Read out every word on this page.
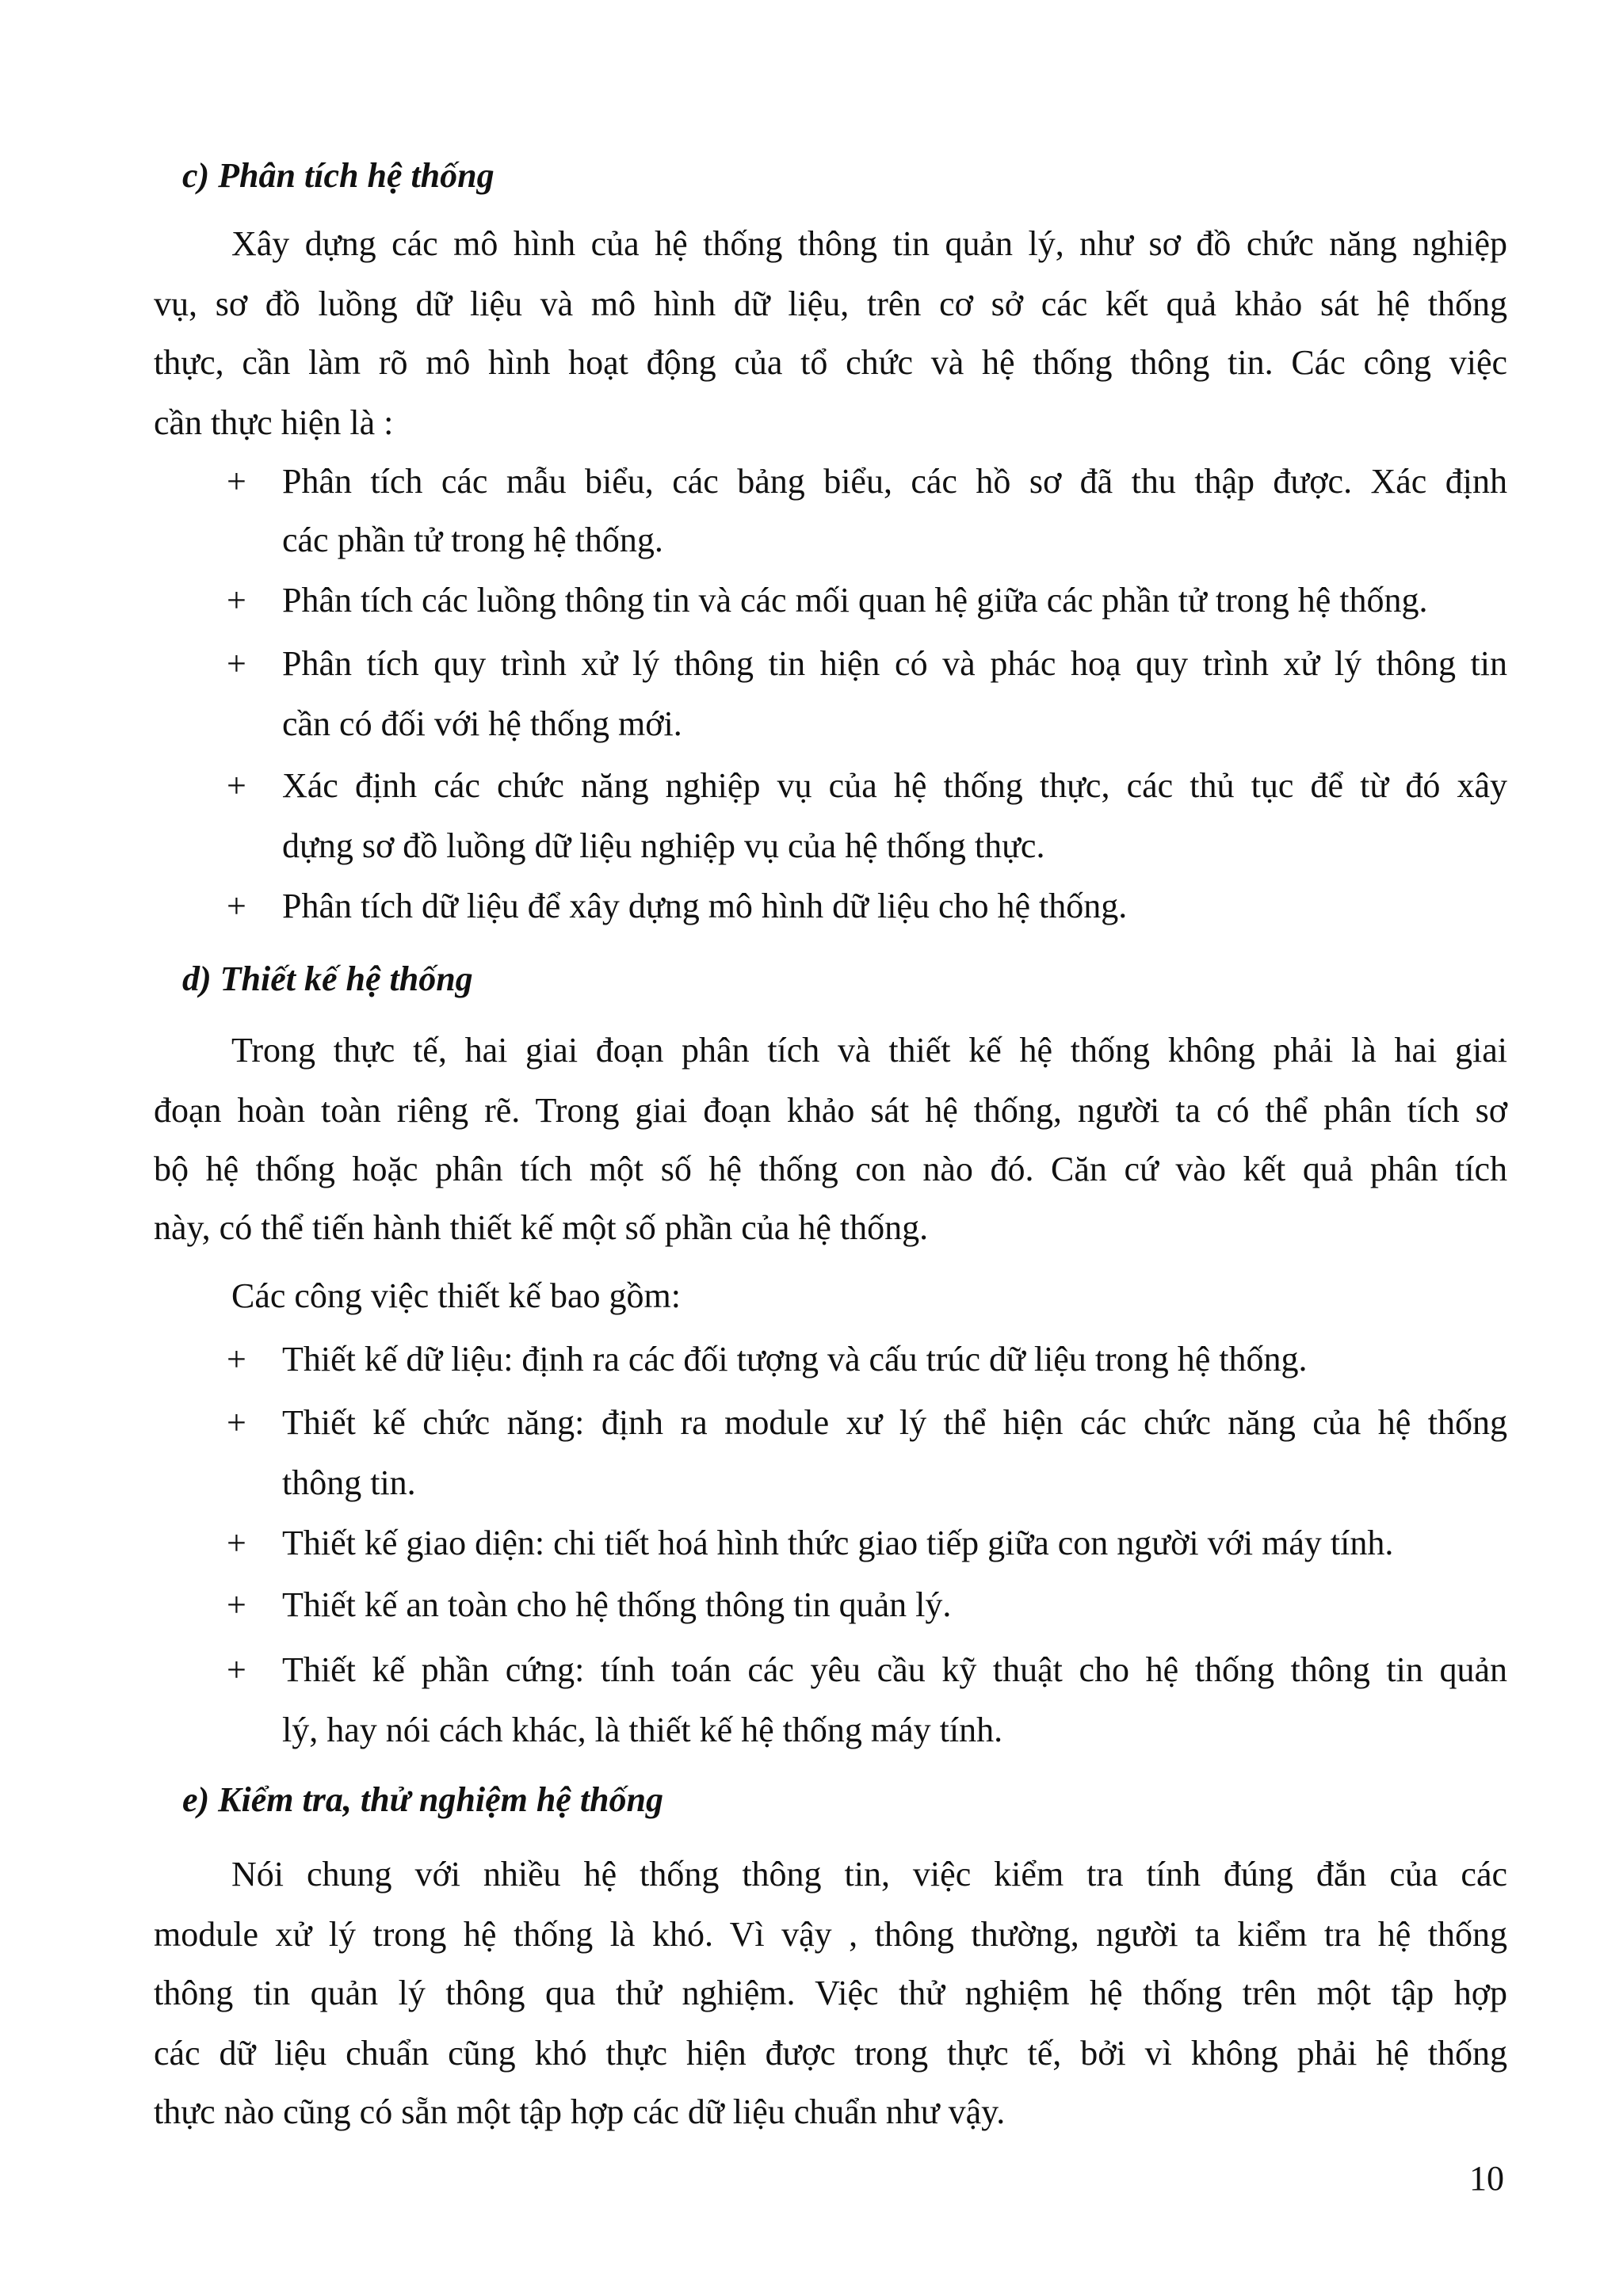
c) Phân tích hệ thống
Xây dựng các mô hình của hệ thống thông tin quản lý, như sơ đồ chức năng nghiệp
vụ, sơ đồ luồng dữ liệu và mô hình dữ liệu, trên cơ sở các kết quả khảo sát hệ thống
thực, cần làm rõ mô hình hoạt động của tổ chức và hệ thống thông tin. Các công việc
cần thực hiện là :
+ Phân tích các mẫu biểu, các bảng biểu, các hồ sơ đã thu thập được. Xác định
các phần tử trong hệ thống.
+ Phân tích các luồng thông tin và các mối quan hệ giữa các phần tử trong hệ thống.
+ Phân tích quy trình xử lý thông tin hiện có và phác hoạ quy trình xử lý thông tin
cần có đối với hệ thống mới.
+ Xác định các chức năng nghiệp vụ của hệ thống thực, các thủ tục để từ đó xây
dựng sơ đồ luồng dữ liệu nghiệp vụ của hệ thống thực.
+ Phân tích dữ liệu để xây dựng mô hình dữ liệu cho hệ thống.
d) Thiết kế hệ thống
Trong thực tế, hai giai đoạn phân tích và thiết kế hệ thống không phải là hai giai
đoạn hoàn toàn riêng rẽ. Trong giai đoạn khảo sát hệ thống, người ta có thể phân tích sơ
bộ hệ thống hoặc phân tích một số hệ thống con nào đó. Căn cứ vào kết quả phân tích
này, có thể tiến hành thiết kế một số phần của hệ thống.
Các công việc thiết kế bao gồm:
+ Thiết kế dữ liệu: định ra các đối tượng và cấu trúc dữ liệu trong hệ thống.
+ Thiết kế chức năng: định ra module xư lý thể hiện các chức năng của hệ thống
thông tin.
+ Thiết kế giao diện: chi tiết hoá hình thức giao tiếp giữa con người với máy tính.
+ Thiết kế an toàn cho hệ thống thông tin quản lý.
+ Thiết kế phần cứng: tính toán các yêu cầu kỹ thuật cho hệ thống thông tin quản
lý, hay nói cách khác, là thiết kế hệ thống máy tính.
e) Kiểm tra, thử nghiệm hệ thống
Nói chung với nhiều hệ thống thông tin, việc kiểm tra tính đúng đắn của các
module xử lý trong hệ thống là khó. Vì vậy , thông thường, người ta kiểm tra hệ thống
thông tin quản lý thông qua thử nghiệm. Việc thử nghiệm hệ thống trên một tập hợp
các dữ liệu chuẩn cũng khó thực hiện được trong thực tế, bởi vì không phải hệ thống
thực nào cũng có sẵn một tập hợp các dữ liệu chuẩn như vậy.
10
